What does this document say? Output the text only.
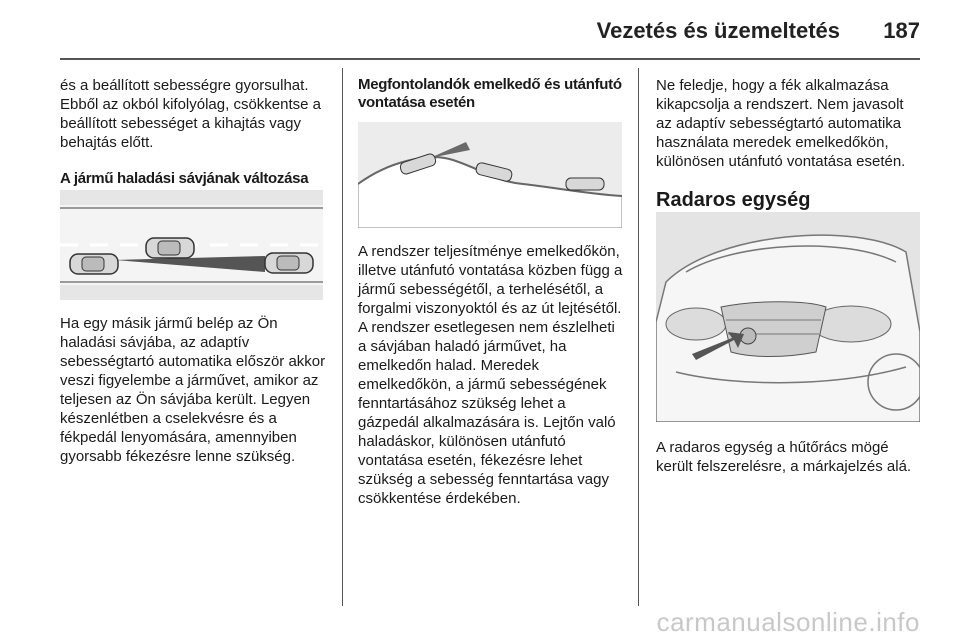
Vezetés és üzemeltetés 187

és a beállított sebességre gyorsulhat. Ebből az okból kifolyólag, csökkentse a beállított sebességet a kihajtás vagy behajtás előtt.

A jármű haladási sávjának változása

Ha egy másik jármű belép az Ön haladási sávjába, az adaptív sebességtartó automatika először akkor veszi figyelembe a járművet, amikor az teljesen az Ön sávjába került. Legyen készenlétben a cselekvésre és a fékpedál lenyomására, amennyiben gyorsabb fékezésre lenne szükség.

Megfontolandók emelkedő és utánfutó vontatása esetén

A rendszer teljesítménye emelkedőkön, illetve utánfutó vontatása közben függ a jármű sebességétől, a terhelésétől, a forgalmi viszonyoktól és az út lejtésétől. A rendszer esetlegesen nem észlelheti a sávjában haladó járművet, ha emelkedőn halad. Meredek emelkedőkön, a jármű sebességének fenntartásához szükség lehet a gázpedál alkalmazására is. Lejtőn való haladáskor, különösen utánfutó vontatása esetén, fékezésre lehet szükség a sebesség fenntartása vagy csökkentése érdekében.

Ne feledje, hogy a fék alkalmazása kikapcsolja a rendszert. Nem javasolt az adaptív sebességtartó automatika használata meredek emelkedőkön, különösen utánfutó vontatása esetén.

Radaros egység

A radaros egység a hűtőrács mögé került felszerelésre, a márkajelzés alá.

carmanualsonline.info
